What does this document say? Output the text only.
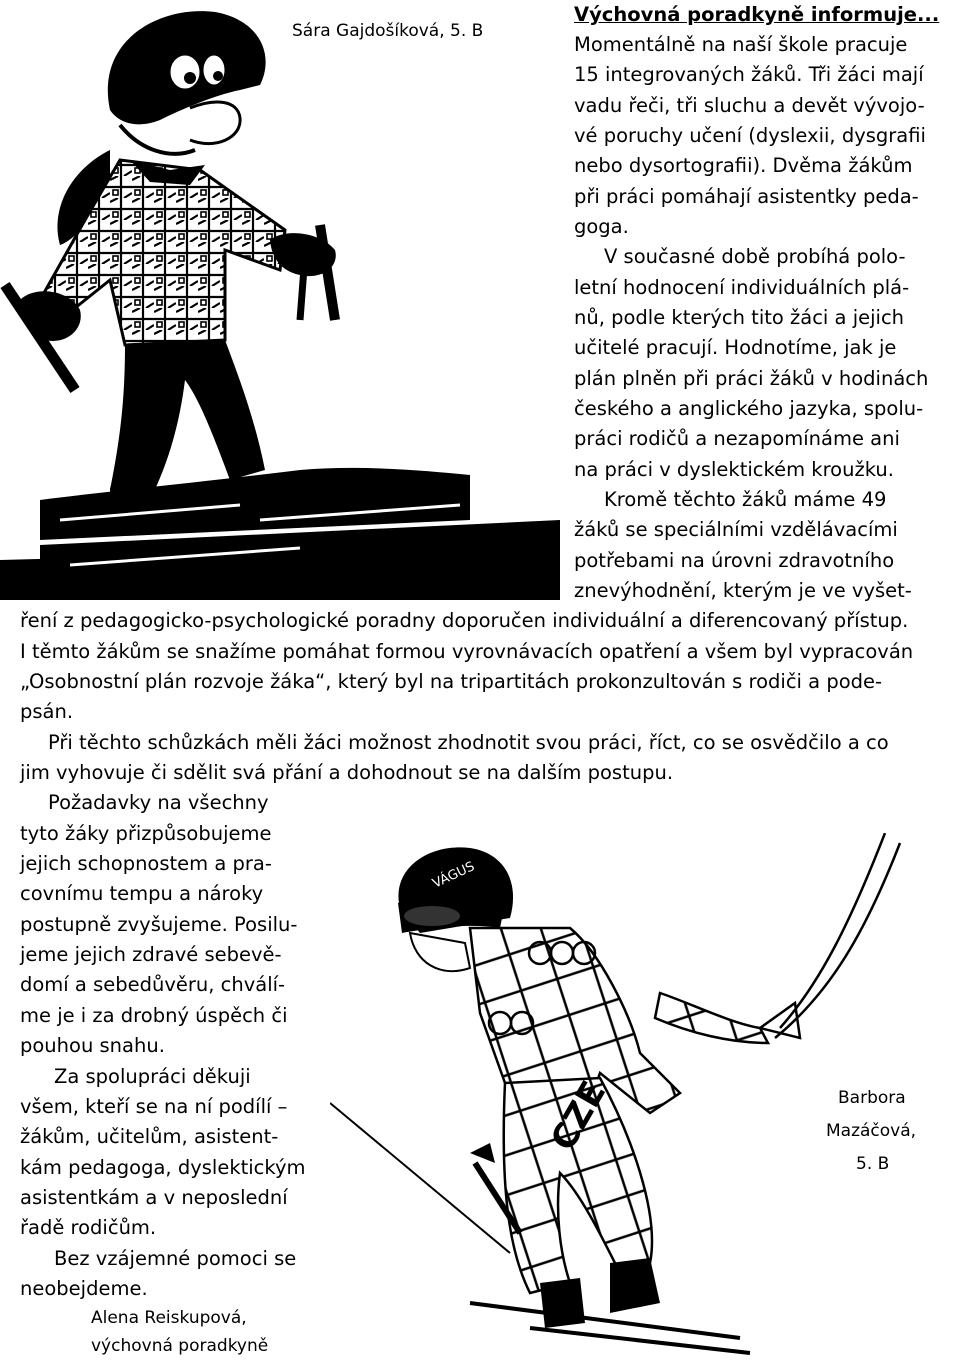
VÁGUS
CZE
Sára Gajdošíková, 5. B
Barbora
Mazáčová,
5. B
Alena Reiskupová,
výchovná poradkyně
Výchovná poradkyně informuje...
Momentálně na naší škole pracuje
15 integrovaných žáků. Tři žáci mají
vadu řeči, tři sluchu a devět vývojo-
vé poruchy učení (dyslexii, dysgrafii
nebo dysortografii). Dvěma žákům
při práci pomáhají asistentky peda-
goga.
V současné době probíhá polo-
letní hodnocení individuálních plá-
nů, podle kterých tito žáci a jejich
učitelé pracují. Hodnotíme, jak je
plán plněn při práci žáků v hodinách
českého a anglického jazyka, spolu-
práci rodičů a nezapomínáme ani
na práci v dyslektickém kroužku.
Kromě těchto žáků máme 49
žáků se speciálními vzdělávacími
potřebami na úrovni zdravotního
znevýhodnění, kterým je ve vyšet-
ření z pedagogicko-psychologické poradny doporučen individuální a diferencovaný přístup.
I těmto žákům se snažíme pomáhat formou vyrovnávacích opatření a všem byl vypracován
„Osobnostní plán rozvoje žáka“, který byl na tripartitách prokonzultován s rodiči a pode-
psán.
Při těchto schůzkách měli žáci možnost zhodnotit svou práci, říct, co se osvědčilo a co
jim vyhovuje či sdělit svá přání a dohodnout se na dalším postupu.
Požadavky na všechny
tyto žáky přizpůsobujeme
jejich schopnostem a pra-
covnímu tempu a nároky
postupně zvyšujeme. Posilu-
jeme jejich zdravé sebevě-
domí a sebedůvěru, chválí-
me je i za drobný úspěch či
pouhou snahu.
Za spolupráci děkuji
všem, kteří se na ní podílí –
žákům, učitelům, asistent-
kám pedagoga, dyslektickým
asistentkám a v neposlední
řadě rodičům.
Bez vzájemné pomoci se
neobejdeme.
